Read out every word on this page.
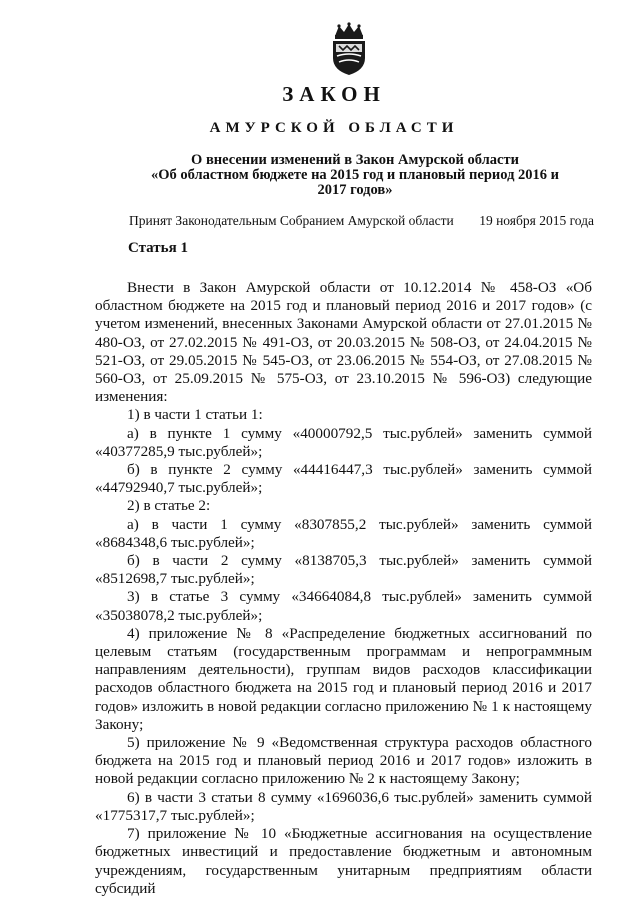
ЗАКОН
АМУРСКОЙ ОБЛАСТИ
О внесении изменений в Закон Амурской области
«Об областном бюджете на 2015 год и плановый период 2016 и
2017 годов»
Принят Законодательным Собранием Амурской области 19 ноября 2015 года
Статья 1

Внести в Закон Амурской области от 10.12.2014 № 458-ОЗ «Об областном бюджете на 2015 год и плановый период 2016 и 2017 годов» (с учетом изменений, внесенных Законами Амурской области от 27.01.2015 № 480-ОЗ, от 27.02.2015 № 491-ОЗ, от 20.03.2015 № 508-ОЗ, от 24.04.2015 № 521-ОЗ, от 29.05.2015 № 545-ОЗ, от 23.06.2015 № 554-ОЗ, от 27.08.2015 № 560-ОЗ, от 25.09.2015 № 575-ОЗ, от 23.10.2015 № 596-ОЗ) следующие изменения:

1) в части 1 статьи 1:

а) в пункте 1 сумму «40000792,5 тыс.рублей» заменить суммой «40377285,9 тыс.рублей»;

б) в пункте 2 сумму «44416447,3 тыс.рублей» заменить суммой «44792940,7 тыс.рублей»;

2) в статье 2:

а) в части 1 сумму «8307855,2 тыс.рублей» заменить суммой «8684348,6 тыс.рублей»;

б) в части 2 сумму «8138705,3 тыс.рублей» заменить суммой «8512698,7 тыс.рублей»;

3) в статье 3 сумму «34664084,8 тыс.рублей» заменить суммой «35038078,2 тыс.рублей»;

4) приложение № 8 «Распределение бюджетных ассигнований по целевым статьям (государственным программам и непрограммным направлениям деятельности), группам видов расходов классификации расходов областного бюджета на 2015 год и плановый период 2016 и 2017 годов» изложить в новой редакции согласно приложению № 1 к настоящему Закону;

5) приложение № 9 «Ведомственная структура расходов областного бюджета на 2015 год и плановый период 2016 и 2017 годов» изложить в новой редакции согласно приложению № 2 к настоящему Закону;

6) в части 3 статьи 8 сумму «1696036,6 тыс.рублей» заменить суммой «1775317,7 тыс.рублей»;

7) приложение № 10 «Бюджетные ассигнования на осуществление бюджетных инвестиций и предоставление бюджетным и автономным учреждениям, государственным унитарным предприятиям области субсидий
